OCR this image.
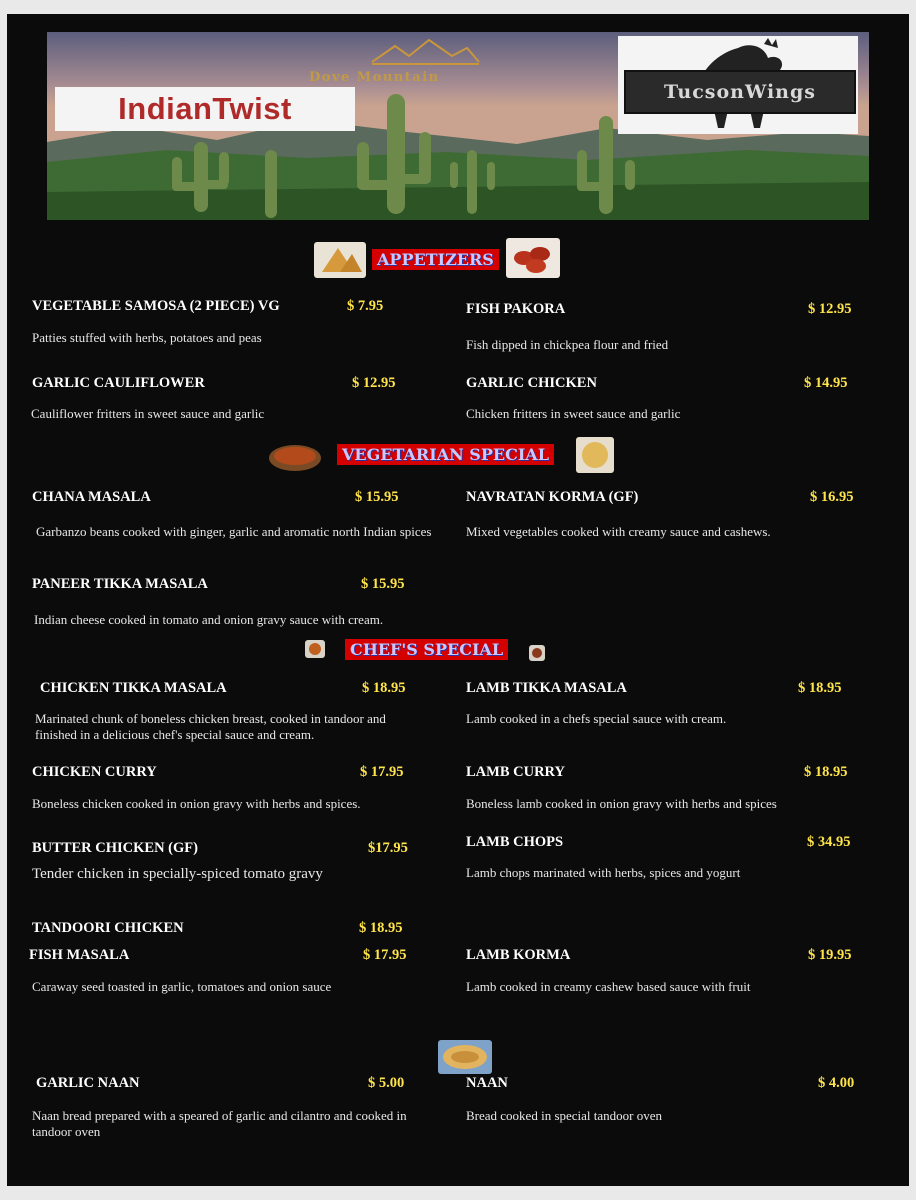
Dove Mountain
IndianTwist	TucsonWings
APPETIZERS
VEGETABLE SAMOSA (2 PIECE) VG	$ 7.95
Patties stuffed with herbs, potatoes and peas
FISH PAKORA	$ 12.95
Fish dipped in chickpea flour and fried
GARLIC CAULIFLOWER	$ 12.95
Cauliflower fritters in sweet sauce and garlic
GARLIC CHICKEN	$ 14.95
Chicken fritters in sweet sauce and garlic
VEGETARIAN SPECIAL
CHANA MASALA	$ 15.95
Garbanzo beans cooked with ginger, garlic and aromatic north Indian spices
NAVRATAN KORMA (GF)	$ 16.95
Mixed vegetables cooked with creamy sauce and cashews.
PANEER TIKKA MASALA	$ 15.95
Indian cheese cooked in tomato and onion gravy sauce with cream.
CHEF'S SPECIAL
CHICKEN TIKKA MASALA	$ 18.95
Marinated chunk of boneless chicken breast, cooked in tandoor and finished in a delicious chef's special sauce and cream.
LAMB TIKKA MASALA	$ 18.95
Lamb cooked in a chefs special sauce with cream.
CHICKEN CURRY	$ 17.95
Boneless chicken cooked in onion gravy with herbs and spices.
LAMB CURRY	$ 18.95
Boneless lamb cooked in onion gravy with herbs and spices
BUTTER CHICKEN (GF)	$17.95
Tender chicken in specially-spiced tomato gravy
LAMB CHOPS	$ 34.95
Lamb chops marinated with herbs, spices and yogurt
TANDOORI CHICKEN	$ 18.95
FISH MASALA	$ 17.95
Caraway seed toasted in garlic, tomatoes and onion sauce
LAMB KORMA	$ 19.95
Lamb cooked in creamy cashew based sauce with fruit
GARLIC NAAN	$ 5.00
Naan bread prepared with a speared of garlic and cilantro and cooked in tandoor oven
NAAN	$ 4.00
Bread cooked in special tandoor oven
